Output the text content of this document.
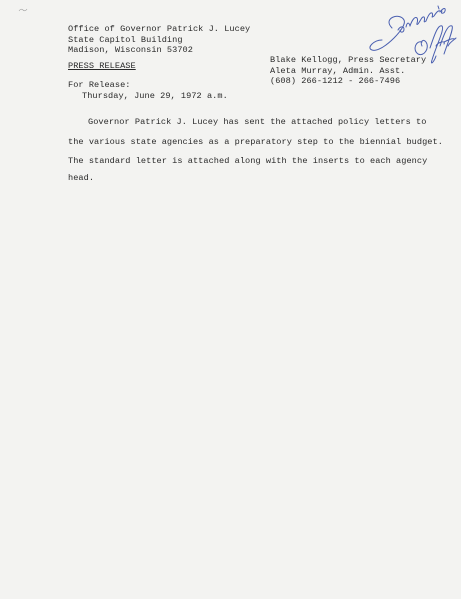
Office of Governor Patrick J. Lucey
State Capitol Building
Madison, Wisconsin 53702
PRESS RELEASE
For Release:
Thursday, June 29, 1972 a.m.
Blake Kellogg, Press Secretary
Aleta Murray, Admin. Asst.
(608) 266-1212 - 266-7496
Governor Patrick J. Lucey has sent the attached policy letters to
the various state agencies as a preparatory step to the biennial budget.
The standard letter is attached along with the inserts to each agency
head.
